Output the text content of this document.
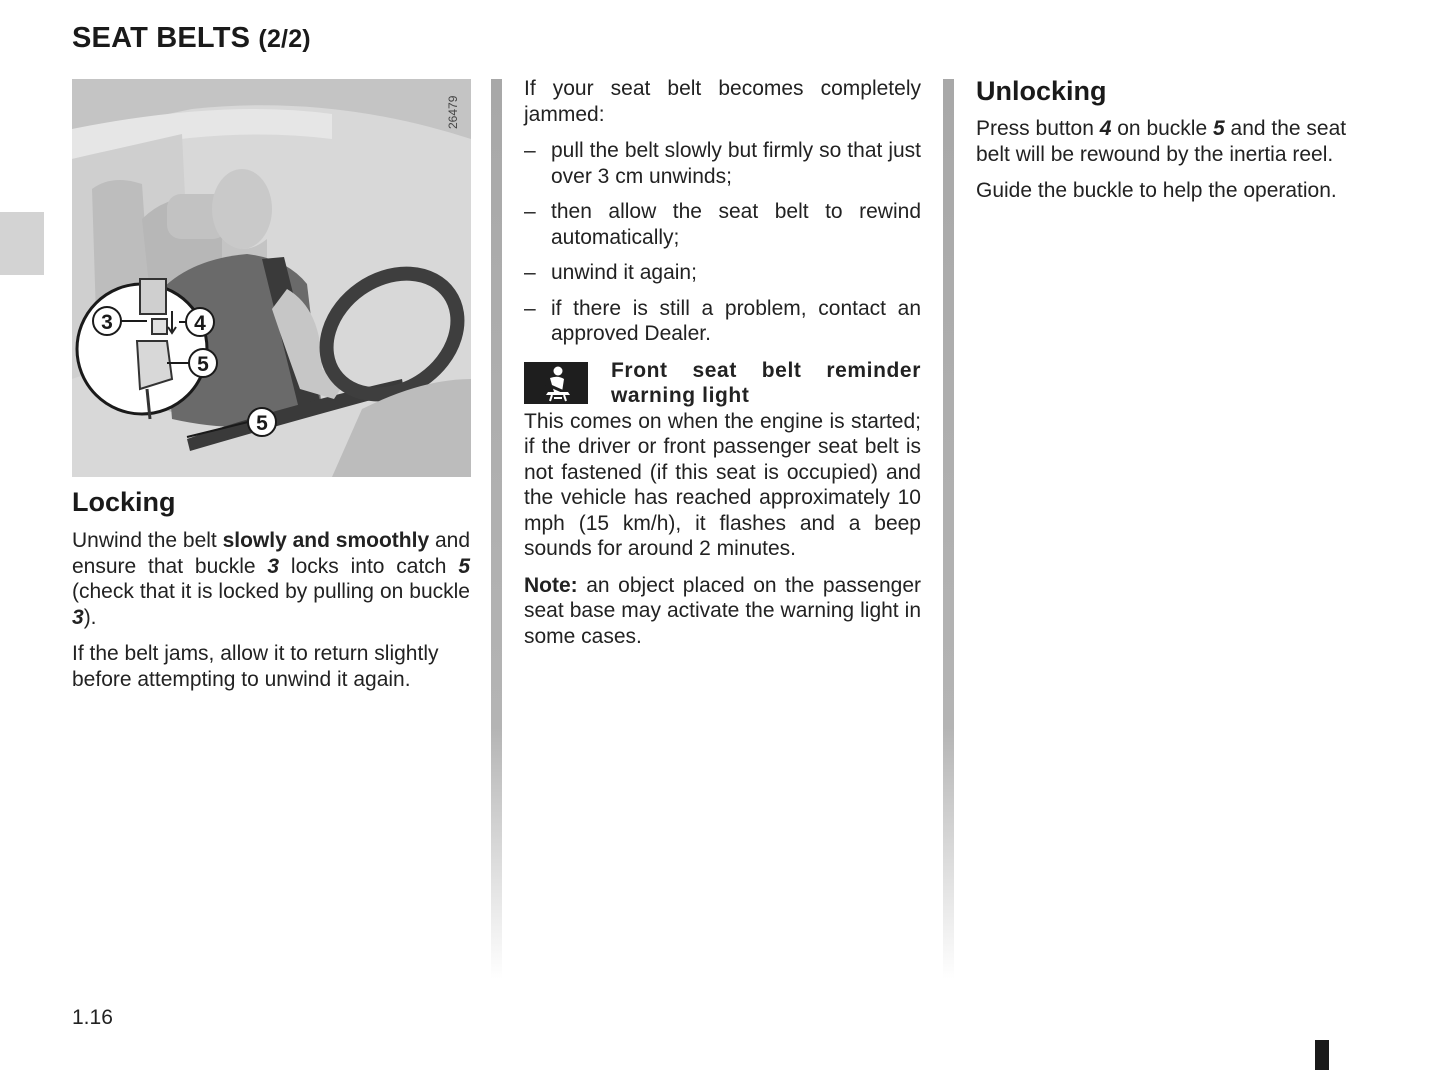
SEAT BELTS (2/2)
26479
3	4
5
5
Locking

Unwind the belt slowly and smoothly and ensure that buckle 3 locks into catch 5 (check that it is locked by pulling on buckle 3).

If the belt jams, allow it to return slightly before attempting to unwind it again.

If your seat belt becomes completely jammed:

– pull the belt slowly but firmly so that just over 3 cm unwinds;
– then allow the seat belt to rewind automatically;
– unwind it again;
– if there is still a problem, contact an approved Dealer.
Front seat belt reminder warning light

This comes on when the engine is started; if the driver or front passenger seat belt is not fastened (if this seat is occupied) and the vehicle has reached approximately 10 mph (15 km/h), it flashes and a beep sounds for around 2 minutes.

Note: an object placed on the passenger seat base may activate the warning light in some cases.

Unlocking

Press button 4 on buckle 5 and the seat belt will be rewound by the inertia reel.

Guide the buckle to help the operation.

1.16
